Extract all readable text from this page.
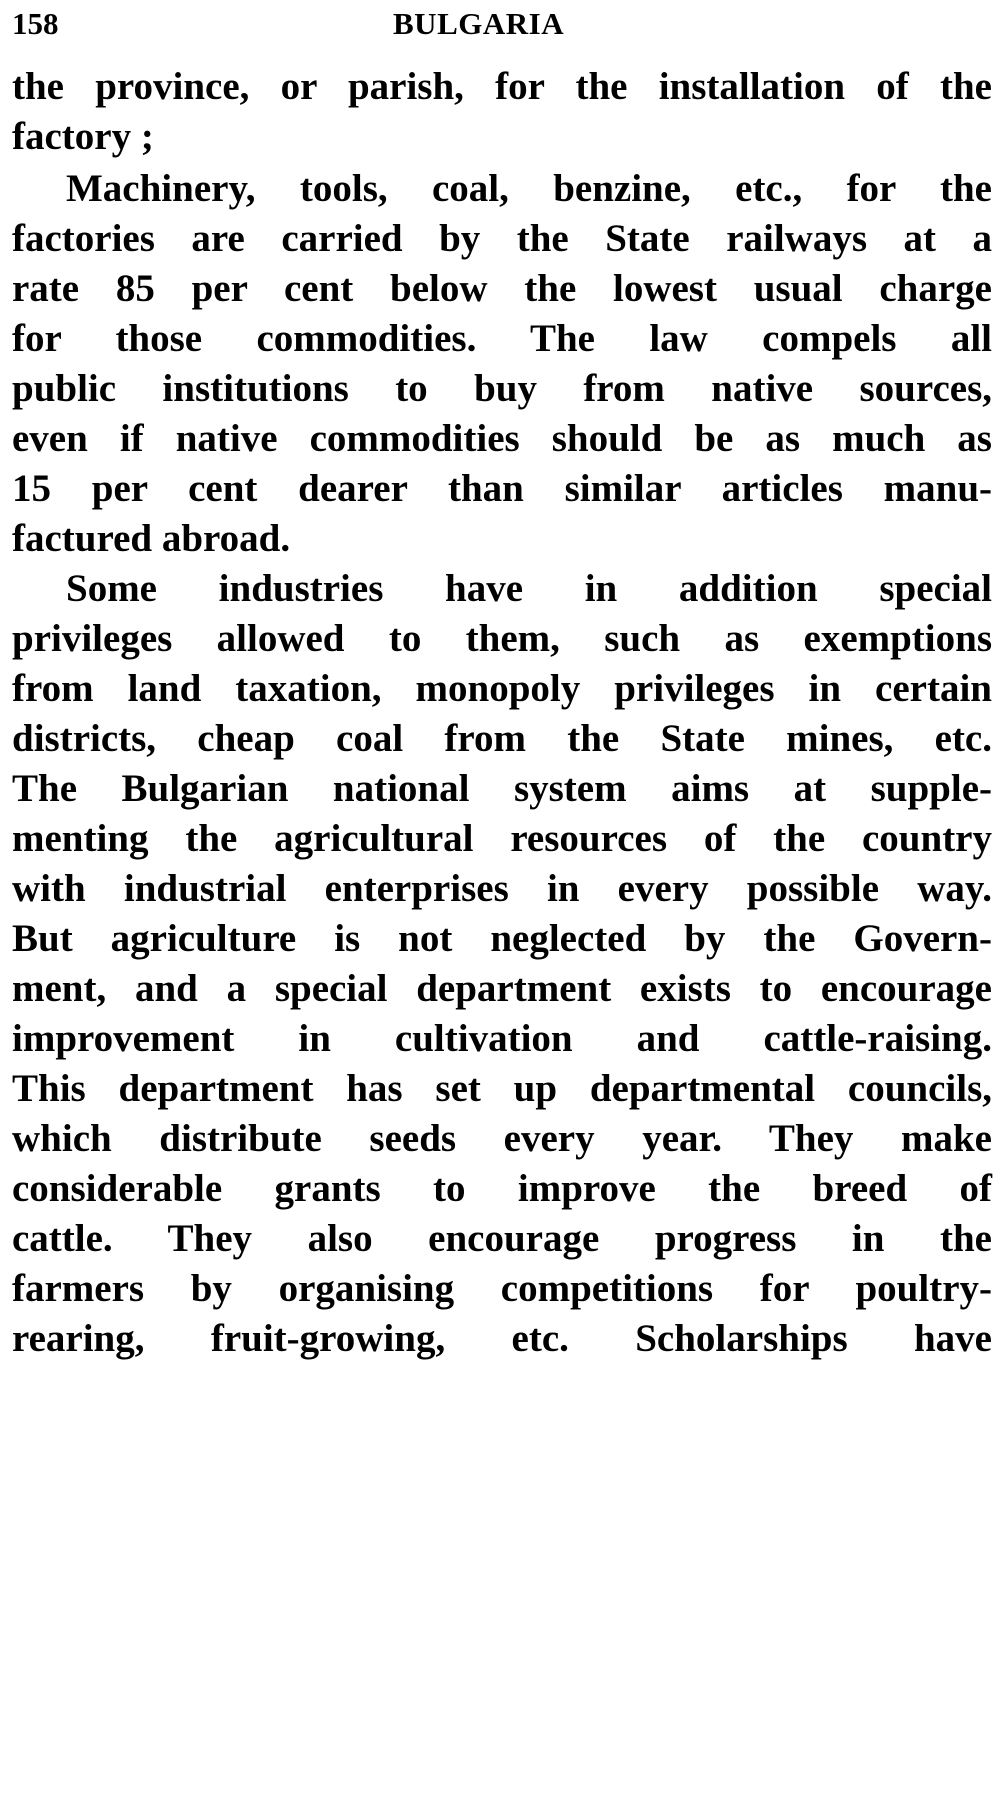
158	BULGARIA
the province, or parish, for the installation of the
factory ;
Machinery, tools, coal, benzine, etc., for the
factories are carried by the State railways at a
rate 85 per cent below the lowest usual charge
for those commodities. The law compels all
public institutions to buy from native sources,
even if native commodities should be as much as
15 per cent dearer than similar articles manu-
factured abroad.
Some industries have in addition special
privileges allowed to them, such as exemptions
from land taxation, monopoly privileges in certain
districts, cheap coal from the State mines, etc.
The Bulgarian national system aims at supple-
menting the agricultural resources of the country
with industrial enterprises in every possible way.
But agriculture is not neglected by the Govern-
ment, and a special department exists to encourage
improvement in cultivation and cattle-raising.
This department has set up departmental councils,
which distribute seeds every year. They make
considerable grants to improve the breed of
cattle. They also encourage progress in the
farmers by organising competitions for poultry-
rearing, fruit-growing, etc. Scholarships have
